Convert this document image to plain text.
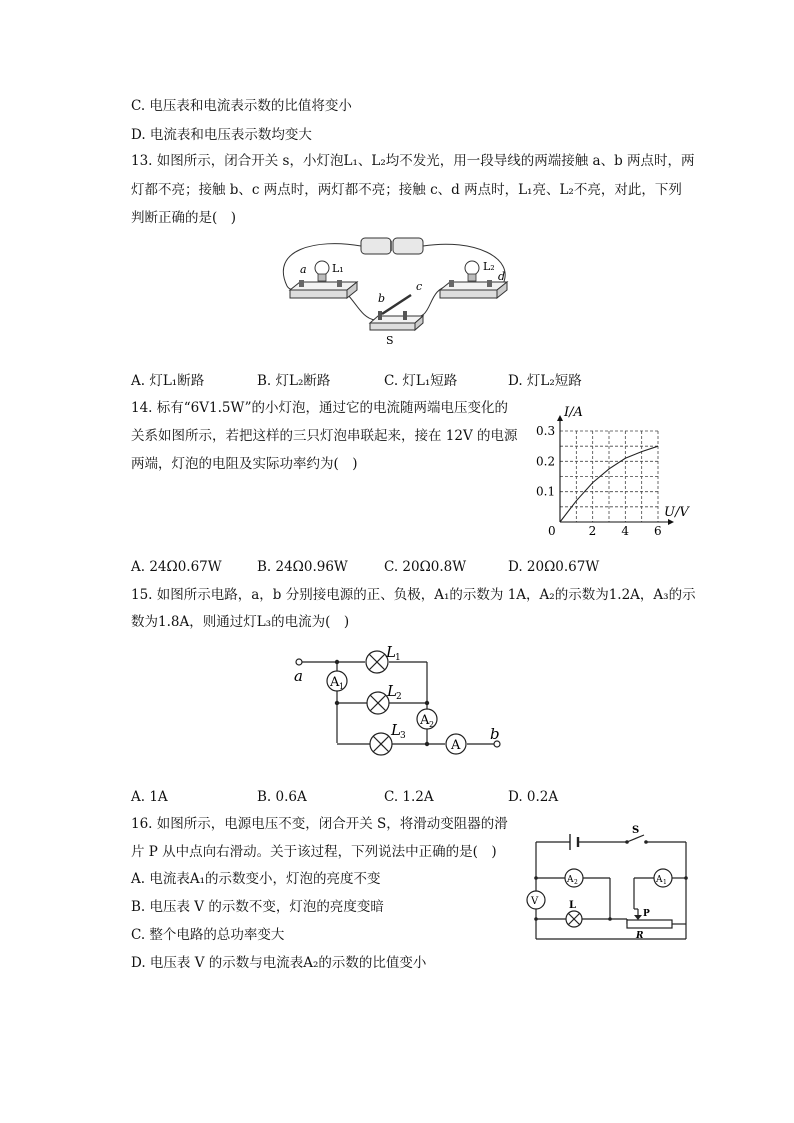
C. 电压表和电流表示数的比值将变小
D. 电流表和电压表示数均变大
13. 如图所示，闭合开关 s，小灯泡L₁、L₂均不发光，用一段导线的两端接触 a、b 两点时，两
灯都不亮；接触 b、c 两点时，两灯都不亮；接触 c、d 两点时，L₁亮、L₂不亮，对此，下列
判断正确的是(　)
a L₁	L₂
d
b
c
S
A. 灯L₁断路	B. 灯L₂断路	C. 灯L₁短路	D. 灯L₂短路
14. 标有“6V1.5W”的小灯泡，通过它的电流随两端电压变化的
关系如图所示，若把这样的三只灯泡串联起来，接在 12V 的电源
两端，灯泡的电阻及实际功率约为(　)
0	2 4 6
0.1
0.2
0.3
I/A
U/V
A. 24Ω0.67W	B. 24Ω0.96W	C. 20Ω0.8W	D. 20Ω0.67W
15. 如图所示电路，a，b 分别接电源的正、负极，A₁的示数为 1A，A₂的示数为1.2A，A₃的示
数为1.8A，则通过灯L₃的电流为(　)
A 1
A 2
A
L 1
L 2
L 3
a
b
A. 1A	B. 0.6A	C. 1.2A	D. 0.2A
16. 如图所示，电源电压不变，闭合开关 S，将滑动变阻器的滑
片 P 从中点向右滑动。关于该过程，下列说法中正确的是(　)
A. 电流表A₁的示数变小，灯泡的亮度不变
B. 电压表 V 的示数不变，灯泡的亮度变暗
C. 整个电路的总功率变大
D. 电压表 V 的示数与电流表A₂的示数的比值变小
S
V
A 2	A 1
L
P
R
